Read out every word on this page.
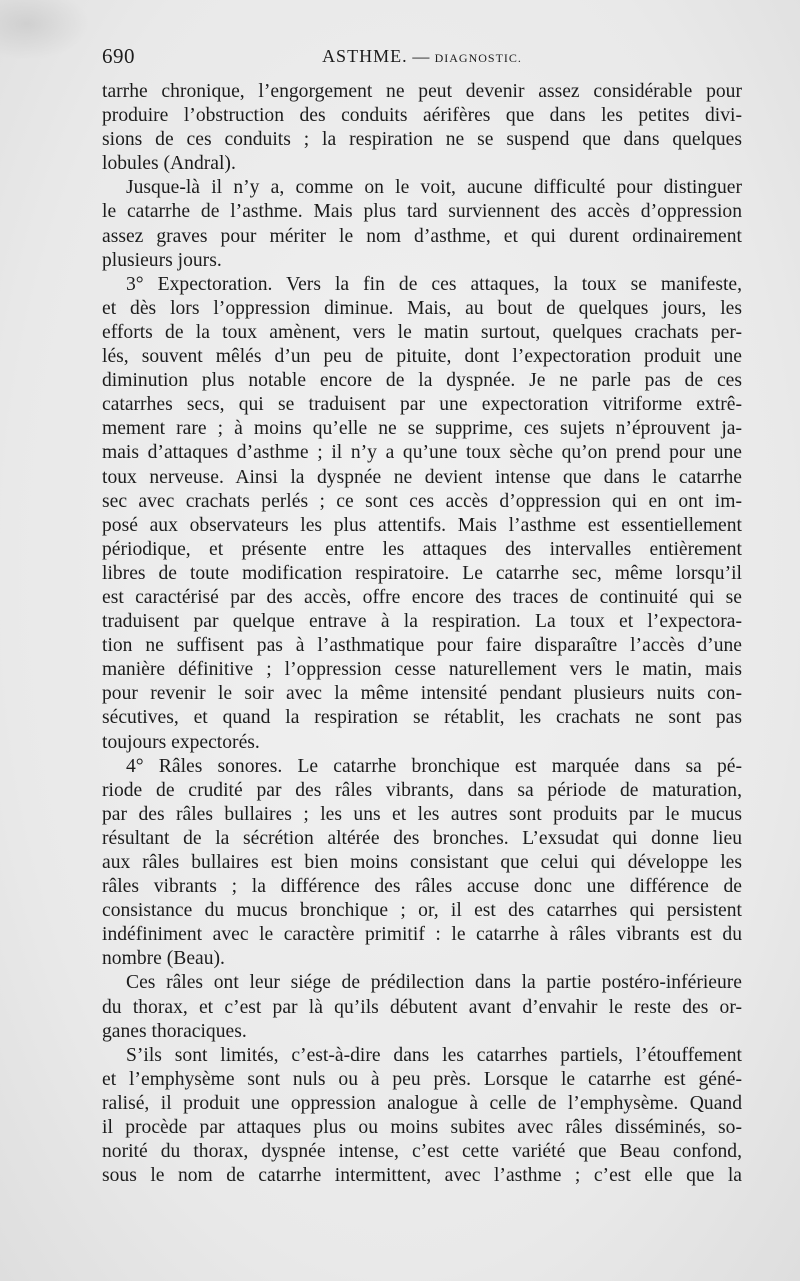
690	ASTHME. — DIAGNOSTIC.
tarrhe chronique, l’engorgement ne peut devenir assez considérable pour
produire l’obstruction des conduits aérifères que dans les petites divi-
sions de ces conduits ; la respiration ne se suspend que dans quelques
lobules (Andral).
Jusque-là il n’y a, comme on le voit, aucune difficulté pour distinguer
le catarrhe de l’asthme. Mais plus tard surviennent des accès d’oppression
assez graves pour mériter le nom d’asthme, et qui durent ordinairement
plusieurs jours.
3° Expectoration. Vers la fin de ces attaques, la toux se manifeste,
et dès lors l’oppression diminue. Mais, au bout de quelques jours, les
efforts de la toux amènent, vers le matin surtout, quelques crachats per-
lés, souvent mêlés d’un peu de pituite, dont l’expectoration produit une
diminution plus notable encore de la dyspnée. Je ne parle pas de ces
catarrhes secs, qui se traduisent par une expectoration vitriforme extrê-
mement rare ; à moins qu’elle ne se supprime, ces sujets n’éprouvent ja-
mais d’attaques d’asthme ; il n’y a qu’une toux sèche qu’on prend pour une
toux nerveuse. Ainsi la dyspnée ne devient intense que dans le catarrhe
sec avec crachats perlés ; ce sont ces accès d’oppression qui en ont im-
posé aux observateurs les plus attentifs. Mais l’asthme est essentiellement
périodique, et présente entre les attaques des intervalles entièrement
libres de toute modification respiratoire. Le catarrhe sec, même lorsqu’il
est caractérisé par des accès, offre encore des traces de continuité qui se
traduisent par quelque entrave à la respiration. La toux et l’expectora-
tion ne suffisent pas à l’asthmatique pour faire disparaître l’accès d’une
manière définitive ; l’oppression cesse naturellement vers le matin, mais
pour revenir le soir avec la même intensité pendant plusieurs nuits con-
sécutives, et quand la respiration se rétablit, les crachats ne sont pas
toujours expectorés.
4° Râles sonores. Le catarrhe bronchique est marquée dans sa pé-
riode de crudité par des râles vibrants, dans sa période de maturation,
par des râles bullaires ; les uns et les autres sont produits par le mucus
résultant de la sécrétion altérée des bronches. L’exsudat qui donne lieu
aux râles bullaires est bien moins consistant que celui qui développe les
râles vibrants ; la différence des râles accuse donc une différence de
consistance du mucus bronchique ; or, il est des catarrhes qui persistent
indéfiniment avec le caractère primitif : le catarrhe à râles vibrants est du
nombre (Beau).
Ces râles ont leur siége de prédilection dans la partie postéro-inférieure
du thorax, et c’est par là qu’ils débutent avant d’envahir le reste des or-
ganes thoraciques.
S’ils sont limités, c’est-à-dire dans les catarrhes partiels, l’étouffement
et l’emphysème sont nuls ou à peu près. Lorsque le catarrhe est géné-
ralisé, il produit une oppression analogue à celle de l’emphysème. Quand
il procède par attaques plus ou moins subites avec râles disséminés, so-
norité du thorax, dyspnée intense, c’est cette variété que Beau confond,
sous le nom de catarrhe intermittent, avec l’asthme ; c’est elle que la
